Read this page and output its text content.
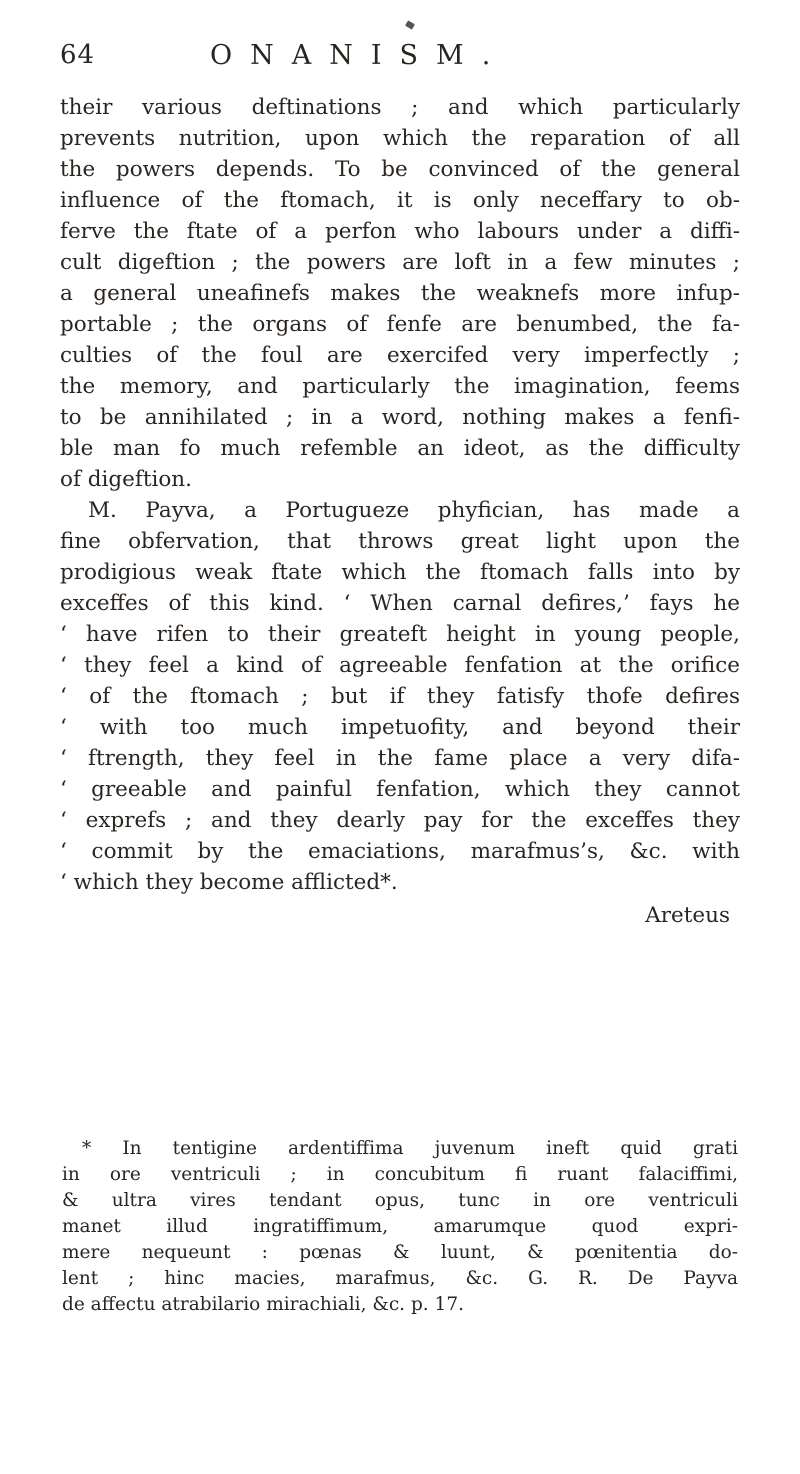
64	ONANISM.
their various deftinations ; and which particularly
prevents nutrition, upon which the reparation of all
the powers depends. To be convinced of the general
influence of the ftomach, it is only neceffary to ob-
ferve the ftate of a perfon who labours under a diffi-
cult digeftion ; the powers are loft in a few minutes ;
a general uneafinefs makes the weaknefs more infup-
portable ; the organs of fenfe are benumbed, the fa-
culties of the foul are exercifed very imperfectly ;
the memory, and particularly the imagination, feems
to be annihilated ; in a word, nothing makes a fenfi-
ble man fo much refemble an ideot, as the difficulty
of digeftion.
M. Payva, a Portugueze phyfician, has made a
fine obfervation, that throws great light upon the
prodigious weak ftate which the ftomach falls into by
exceffes of this kind. ‘ When carnal defires,’ fays he
‘ have rifen to their greateft height in young people,
‘ they feel a kind of agreeable fenfation at the orifice
‘ of the ftomach ; but if they fatisfy thofe defires
‘ with too much impetuofity, and beyond their
‘ ftrength, they feel in the fame place a very difa-
‘ greeable and painful fenfation, which they cannot
‘ exprefs ; and they dearly pay for the exceffes they
‘ commit by the emaciations, marafmus’s, &c. with
‘ which they become afflicted*.
Areteus
* In tentigine ardentiffima juvenum ineft quid grati
in ore ventriculi ; in concubitum fi ruant falaciffimi,
& ultra vires tendant opus, tunc in ore ventriculi
manet illud ingratiffimum, amarumque quod expri-
mere nequeunt : pœnas & luunt, & pœnitentia do-
lent ; hinc macies, marafmus, &c. G. R. De Payva
de affectu atrabilario mirachiali, &c. p. 17.
